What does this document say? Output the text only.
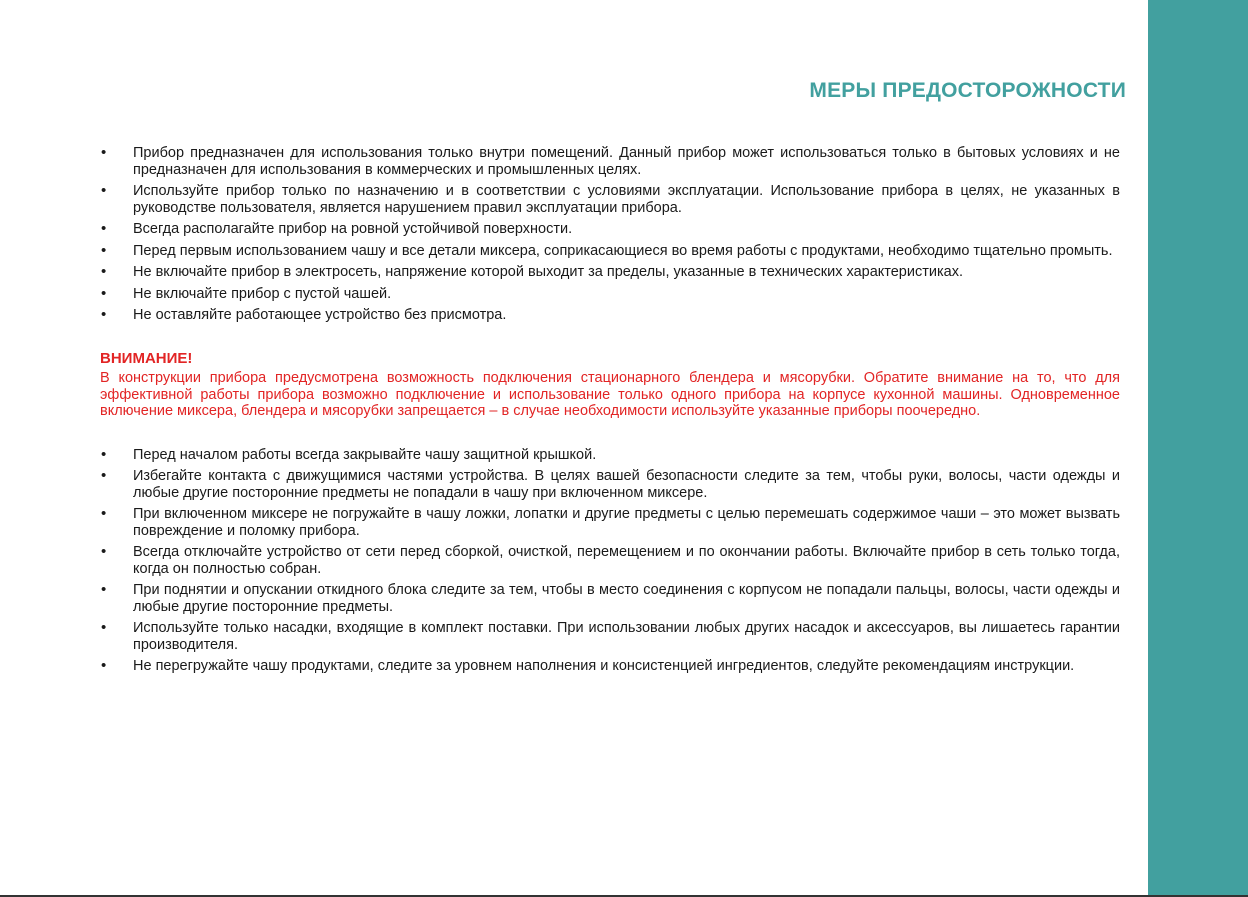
МЕРЫ ПРЕДОСТОРОЖНОСТИ
• Прибор предназначен для использования только внутри помещений. Данный прибор может использоваться только в бытовых условиях и не предназначен для использования в коммерческих и промышленных целях.
• Используйте прибор только по назначению и в соответствии с условиями эксплуатации. Использование прибора в целях, не указанных в руководстве пользователя, является нарушением правил эксплуатации прибора.
• Всегда располагайте прибор на ровной устойчивой поверхности.
• Перед первым использованием чашу и все детали миксера, соприкасающиеся во время работы с продуктами, необходимо тщательно промыть.
• Не включайте прибор в электросеть, напряжение которой выходит за пределы, указанные в технических характеристиках.
• Не включайте прибор с пустой чашей.
• Не оставляйте работающее устройство без присмотра.

ВНИМАНИЕ!

В конструкции прибора предусмотрена возможность подключения стационарного блендера и мясорубки. Обратите внимание на то, что для эффективной работы прибора возможно подключение и использование только одного прибора на корпусе кухонной машины. Одновременное включение миксера, блендера и мясорубки запрещается – в случае необходимости используйте указанные приборы поочередно.

• Перед началом работы всегда закрывайте чашу защитной крышкой.
• Избегайте контакта с движущимися частями устройства. В целях вашей безопасности следите за тем, чтобы руки, волосы, части одежды и любые другие посторонние предметы не попадали в чашу при включенном миксере.
• При включенном миксере не погружайте в чашу ложки, лопатки и другие предметы с целью перемешать содержимое чаши – это может вызвать повреждение и поломку прибора.
• Всегда отключайте устройство от сети перед сборкой, очисткой, перемещением и по окончании работы. Включайте прибор в сеть только тогда, когда он полностью собран.
• При поднятии и опускании откидного блока следите за тем, чтобы в место соединения с корпусом не попадали пальцы, волосы, части одежды и любые другие посторонние предметы.
• Используйте только насадки, входящие в комплект поставки. При использовании любых других насадок и аксессуаров, вы лишаетесь гарантии производителя.
• Не перегружайте чашу продуктами, следите за уровнем наполнения и консистенцией ингредиентов, следуйте рекомендациям инструкции.
